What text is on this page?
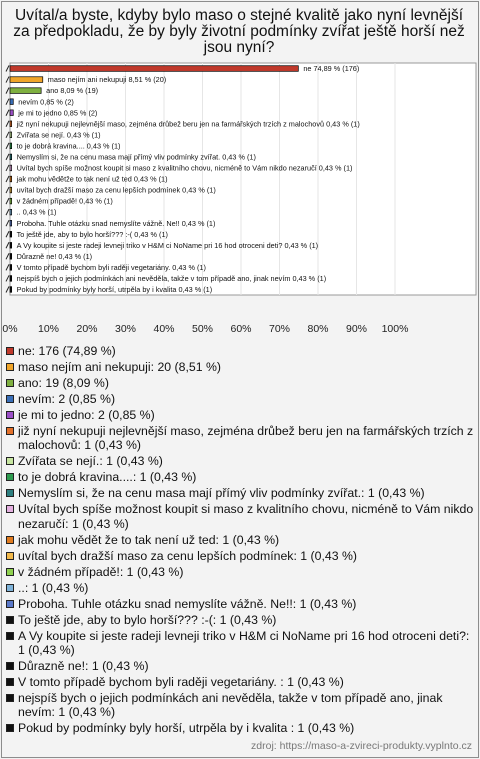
Uvítal/a byste, kdyby bylo maso o stejné kvalitě jako nyní levnější za předpokladu, že by byly životní podmínky zvířat ještě horší než jsou nyní?
0% 10% 20% 30% 40% 50% 60% 70% 80% 90% 100%
ne 74,89 % (176)
maso nejím ani nekupuji 8,51 % (20)
ano 8,09 % (19)
nevím 0,85 % (2)
je mi to jedno 0,85 % (2)
již nyní nekupuji nejlevnější maso, zejména drůbež beru jen na farmářských trzích z malochovů 0,43 % (1)
Zvířata se nejí. 0,43 % (1)
to je dobrá kravina.... 0,43 % (1)
Nemyslím si, že na cenu masa mají přímý vliv podmínky zvířat. 0,43 % (1)
Uvítal bych spíše možnost koupit si maso z kvalitního chovu, nicméně to Vám nikdo nezaručí 0,43 % (1)
jak mohu vědětže to tak není už ted 0,43 % (1)
uvítal bych dražší maso za cenu lepších podmínek 0,43 % (1)
v žádném případě! 0,43 % (1)
.. 0,43 % (1)
Proboha. Tuhle otázku snad nemyslíte vážně. Ne!! 0,43 % (1)
To ještě jde, aby to bylo horší??? :-( 0,43 % (1)
A Vy koupite si jeste radeji levneji triko v H&M ci NoName pri 16 hod otroceni deti? 0,43 % (1)
Důrazně ne! 0,43 % (1)
V tomto případě bychom byli raději vegetariány. 0,43 % (1)
nejspíš bych o jejich podmínkách ani nevěděla, takže v tom případě ano, jinak nevím 0,43 % (1)
Pokud by podmínky byly horší, utrpěla by i kvalita 0,43 % (1)
ne: 176 (74,89 %)
maso nejím ani nekupuji: 20 (8,51 %)
ano: 19 (8,09 %)
nevím: 2 (0,85 %)
je mi to jedno: 2 (0,85 %)
již nyní nekupuji nejlevnější maso, zejména drůbež beru jen na farmářských trzích z malochovů: 1 (0,43 %)
Zvířata se nejí.: 1 (0,43 %)
to je dobrá kravina....: 1 (0,43 %)
Nemyslím si, že na cenu masa mají přímý vliv podmínky zvířat.: 1 (0,43 %)
Uvítal bych spíše možnost koupit si maso z kvalitního chovu, nicméně to Vám nikdo nezaručí: 1 (0,43 %)
jak mohu vědět že to tak není už ted: 1 (0,43 %)
uvítal bych dražší maso za cenu lepších podmínek: 1 (0,43 %)
v žádném případě!: 1 (0,43 %)
..: 1 (0,43 %)
Proboha. Tuhle otázku snad nemyslíte vážně. Ne!!: 1 (0,43 %)
To ještě jde, aby to bylo horší??? :-(: 1 (0,43 %)
A Vy koupite si jeste radeji levneji triko v H&M ci NoName pri 16 hod otroceni deti?: 1 (0,43 %)
Důrazně ne!: 1 (0,43 %)
V tomto případě bychom byli raději vegetariány. : 1 (0,43 %)
nejspíš bych o jejich podmínkách ani nevěděla, takže v tom případě ano, jinak nevím: 1 (0,43 %)
Pokud by podmínky byly horší, utrpěla by i kvalita : 1 (0,43 %)
zdroj: https://maso-a-zvireci-produkty.vyplnto.cz
